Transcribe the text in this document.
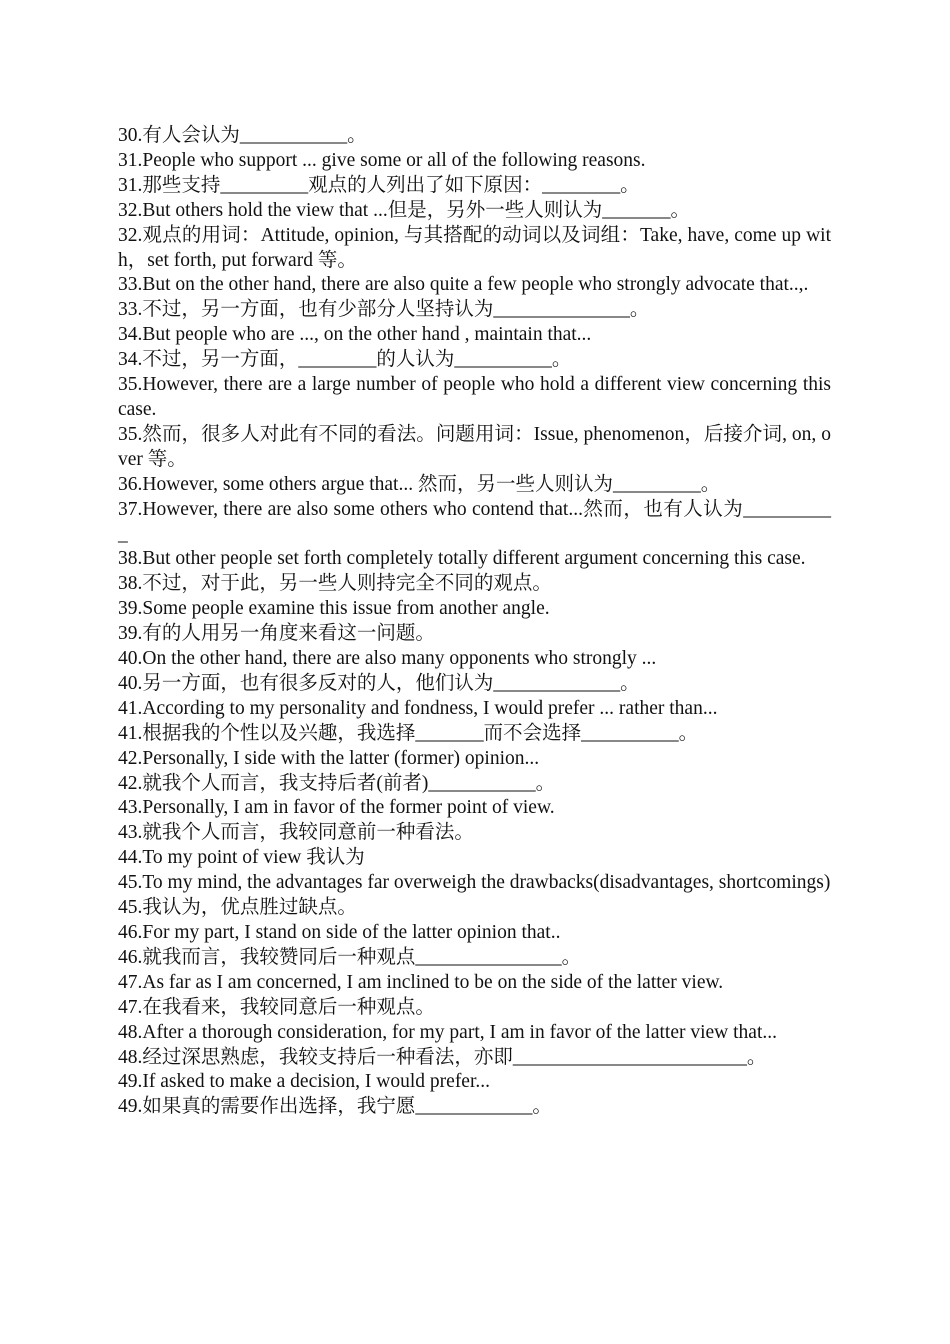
30.有人会认为___________。

31.People who support ... give some or all of the following reasons.

31.那些支持_________观点的人列出了如下原因：________。

32.But others hold the view that ...但是，另外一些人则认为_______。

32.观点的用词：Attitude, opinion, 与其搭配的动词以及词组：Take, have, come up with，set forth, put forward 等。

33.But on the other hand, there are also quite a few people who strongly advocate that..,.

33.不过，另一方面，也有少部分人坚持认为______________。

34.But people who are ..., on the other hand , maintain that...

34.不过，另一方面，________的人认为__________。

35.However, there are a large number of people who hold a different view concerning this case.

35.然而，很多人对此有不同的看法。问题用词：Issue, phenomenon，后接介词, on, over 等。

36.However, some others argue that... 然而，另一些人则认为_________。

37.However, there are also some others who contend that...然而，也有人认为__________

38.But other people set forth completely totally different argument concerning this case.

38.不过，对于此，另一些人则持完全不同的观点。

39.Some people examine this issue from another angle.

39.有的人用另一角度来看这一问题。

40.On the other hand, there are also many opponents who strongly ...

40.另一方面，也有很多反对的人，他们认为_____________。

41.According to my personality and fondness, I would prefer ... rather than...

41.根据我的个性以及兴趣，我选择_______而不会选择__________。

42.Personally, I side with the latter (former) opinion...

42.就我个人而言，我支持后者(前者)___________。

43.Personally, I am in favor of the former point of view.

43.就我个人而言，我较同意前一种看法。

44.To my point of view 我认为

45.To my mind, the advantages far overweigh the drawbacks(disadvantages, shortcomings)

45.我认为，优点胜过缺点。

46.For my part, I stand on side of the latter opinion that..

46.就我而言，我较赞同后一种观点_______________。

47.As far as I am concerned, I am inclined to be on the side of the latter view.

47.在我看来，我较同意后一种观点。

48.After a thorough consideration, for my part, I am in favor of the latter view that...

48.经过深思熟虑，我较支持后一种看法，亦即________________________。

49.If asked to make a decision, I would prefer...

49.如果真的需要作出选择，我宁愿____________。
